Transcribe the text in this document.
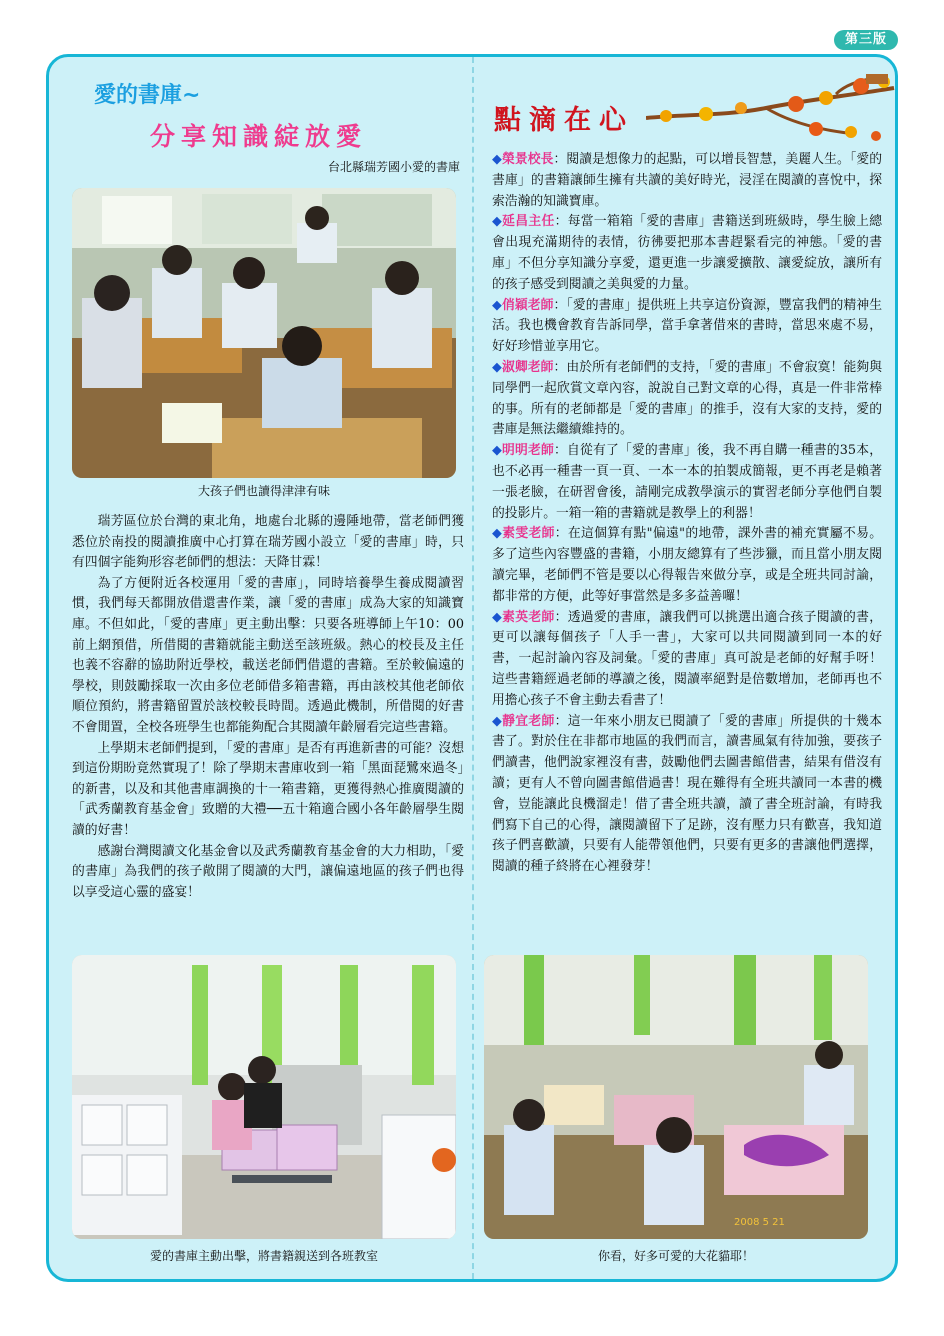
第三版
愛的書庫~
分享知識綻放愛
台北縣瑞芳國小愛的書庫
大孩子們也讀得津津有味

瑞芳區位於台灣的東北角，地處台北縣的邊陲地帶，當老師們獲悉位於南投的閱讀推廣中心打算在瑞芳國小設立「愛的書庫」時，只有四個字能夠形容老師們的想法：天降甘霖！

為了方便附近各校運用「愛的書庫」，同時培養學生養成閱讀習慣，我們每天都開放借還書作業，讓「愛的書庫」成為大家的知識寶庫。不但如此，「愛的書庫」更主動出擊：只要各班導師上午10：00前上網預借，所借閱的書籍就能主動送至該班級。熱心的校長及主任也義不容辭的協助附近學校，載送老師們借還的書籍。至於較偏遠的學校，則鼓勵採取一次由多位老師借多箱書籍，再由該校其他老師依順位預約，將書籍留置於該校較長時間。透過此機制，所借閱的好書不會閒置，全校各班學生也都能夠配合其閱讀年齡層看完這些書籍。

上學期末老師們提到，「愛的書庫」是否有再進新書的可能？沒想到這份期盼竟然實現了！除了學期末書庫收到一箱「黑面琵鷺來過冬」的新書，以及和其他書庫調換的十一箱書籍，更獲得熱心推廣閱讀的「武秀蘭教育基金會」致贈的大禮──五十箱適合國小各年齡層學生閱讀的好書！

感謝台灣閱讀文化基金會以及武秀蘭教育基金會的大力相助，「愛的書庫」為我們的孩子敞開了閱讀的大門，讓偏遠地區的孩子們也得以享受這心靈的盛宴！

愛的書庫主動出擊，將書籍親送到各班教室
點滴在心

◆榮景校長：閱讀是想像力的起點，可以增長智慧，美麗人生。「愛的書庫」的書籍讓師生擁有共讀的美好時光，浸淫在閱讀的喜悅中，探索浩瀚的知識寶庫。

◆延昌主任：每當一箱箱「愛的書庫」書籍送到班級時，學生臉上總會出現充滿期待的表情，彷彿要把那本書趕緊看完的神態。「愛的書庫」不但分享知識分享愛，還更進一步讓愛擴散、讓愛綻放，讓所有的孩子感受到閱讀之美與愛的力量。

◆俏穎老師：「愛的書庫」提供班上共享這份資源，豐富我們的精神生活。我也機會教育告訴同學，當手拿著借來的書時，當思來處不易，好好珍惜並享用它。

◆淑卿老師：由於所有老師們的支持，「愛的書庫」不會寂寞！能夠與同學們一起欣賞文章內容，說說自己對文章的心得，真是一件非常棒的事。所有的老師都是「愛的書庫」的推手，沒有大家的支持，愛的書庫是無法繼續維持的。

◆明明老師：自從有了「愛的書庫」後，我不再自購一種書的35本，也不必再一種書一頁一頁、一本一本的拍製成簡報，更不再老是賴著一張老臉，在研習會後，請剛完成教學演示的實習老師分享他們自製的投影片。一箱一箱的書籍就是教學上的利器！

◆素雯老師：在這個算有點"偏遠"的地帶，課外書的補充實屬不易。多了這些內容豐盛的書籍，小朋友總算有了些涉獵，而且當小朋友閱讀完畢，老師們不管是要以心得報告來做分享，或是全班共同討論，都非常的方便，此等好事當然是多多益善囉！

◆素英老師：透過愛的書庫，讓我們可以挑選出適合孩子閱讀的書，更可以讓每個孩子「人手一書」，大家可以共同閱讀到同一本的好書，一起討論內容及詞彙。「愛的書庫」真可說是老師的好幫手呀！這些書籍經過老師的導讀之後，閱讀率絕對是倍數增加，老師再也不用擔心孩子不會主動去看書了！

◆靜宜老師：這一年來小朋友已閱讀了「愛的書庫」所提供的十幾本書了。對於住在非都市地區的我們而言，讀書風氣有待加強，要孩子們讀書，他們說家裡沒有書，鼓勵他們去圖書館借書，結果有借沒有讀；更有人不曾向圖書館借過書！現在難得有全班共讀同一本書的機會，豈能讓此良機溜走！借了書全班共讀，讀了書全班討論，有時我們寫下自己的心得，讓閱讀留下了足跡，沒有壓力只有歡喜，我知道孩子們喜歡讀，只要有人能帶領他們，只要有更多的書讓他們選擇，閱讀的種子終將在心裡發芽！

2008 5 21
你看，好多可愛的大花貓耶！
